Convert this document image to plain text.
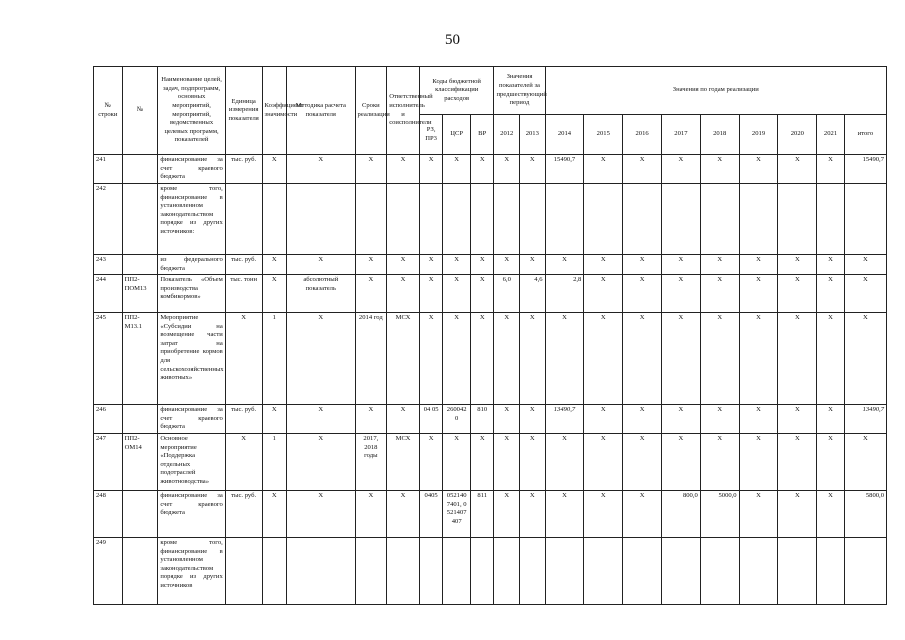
50
№ строки	№	Наименование целей, задач, подпрограмм, основных мероприятий, мероприятий, ведомственных целевых программ, показателей	Единица измерения показателя	Коэффициент значимости	Методика расчета показателя	Сроки реализации	Ответственный исполнитель и соисполнители	Коды бюджетной классификации расходов			Значения показателей за предшествующий период		Значения по годам реализации								
								РЗ, ПР3	ЦСР	ВР	2012	2013	2014	2015	2016	2017	2018	2019	2020	2021	итого
241		финансирование за счет краевого бюджета	тыс. руб.	X	X	X	X	X	X	X	X	X	15490,7	X	X	X	X	X	X	X	15490,7
242		кроме того, финансирование в установленном законодательством порядке из других источников:																			
243		из федерального бюджета	тыс. руб.	X	X	X	X	X	X	X	X	X	X	X	X	X	X	X	X	X	X
244	ПП2-ПОМ13	Показатель «Объем производства комбикормов»	тыс. тонн	X	абсолютный показатель	X	X	X	X	X	6,0	4,6	2,8	X	X	X	X	X	X	X	X
245	ПП2-М13.1	Мероприятие «Субсидии на возмещение части затрат на приобретение кормов для сельскохозяйственных животных»	X	1	X	2014 год	МСХ	X	X	X	X	X	X	X	X	X	X	X	X	X	X
246		финансирование за счет краевого бюджета	тыс. руб.	X	X	X	X	04 05	2600420	810	X	X	13490,7	X	X	X	X	X	X	X	13490,7
247	ПП2-ОМ14	Основное мероприятие «Поддержка отдельных подотраслей животноводства»	X	1	X	2017, 2018 годы	МСХ	X	X	X	X	X	X	X	X	X	X	X	X	X	X
248		финансирование за счет краевого бюджета	тыс. руб.	X	X	X	X	0405	0521407401, 0521407407	811	X	X	X	X	X	800,0	5000,0	X	X	X	5800,0
249		кроме того, финансирование в установленном законодательством порядке из других источников																			
